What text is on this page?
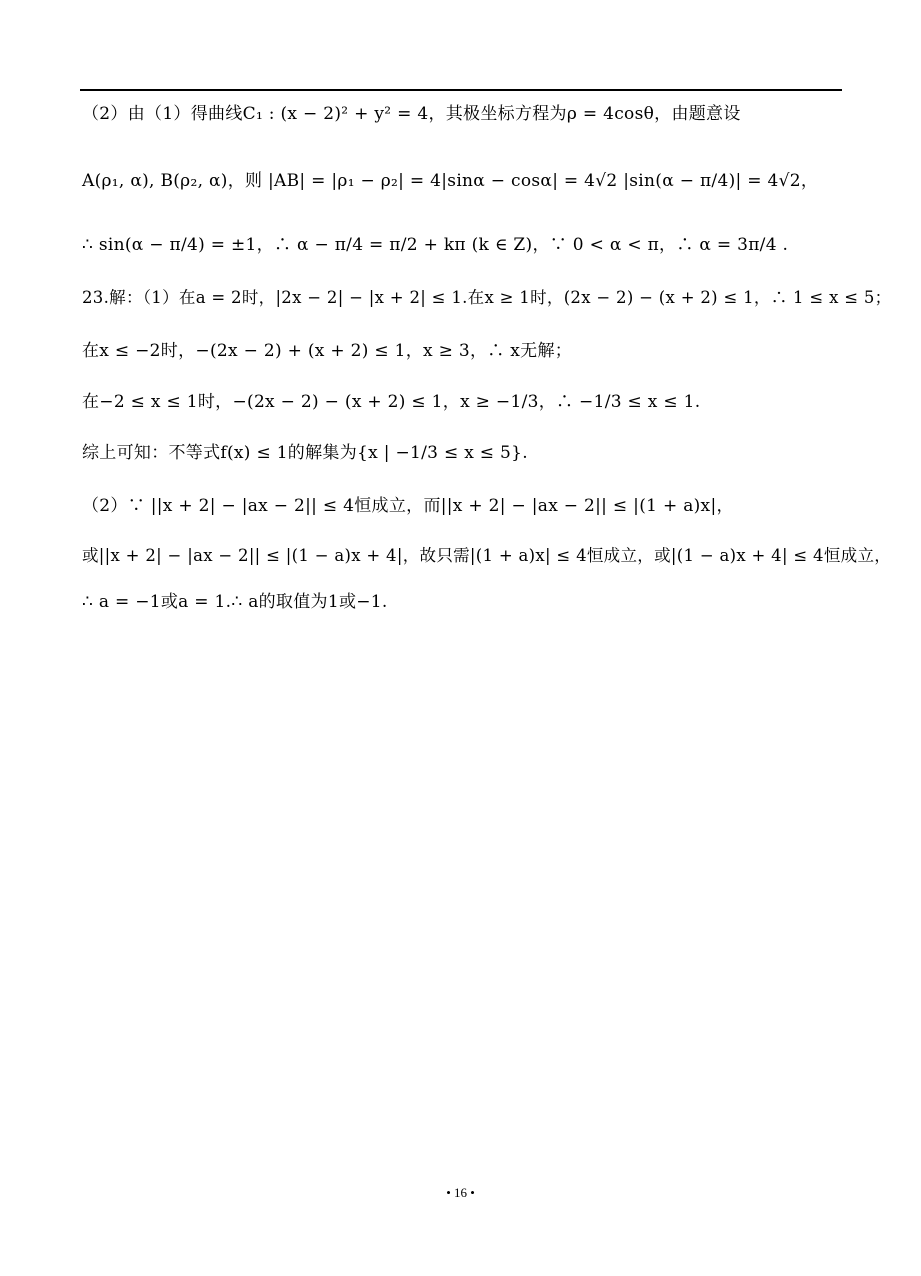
（2）由（1）得曲线C₁ : (x − 2)² + y² = 4，其极坐标方程为ρ = 4cosθ，由题意设
A(ρ₁, α), B(ρ₂, α)，则 |AB| = |ρ₁ − ρ₂| = 4|sinα − cosα| = 4√2 |sin(α − π/4)| = 4√2，
∴ sin(α − π/4) = ±1，∴ α − π/4 = π/2 + kπ (k ∈ Z)，∵ 0 < α < π，∴ α = 3π/4 .
23.解：（1）在a = 2时，|2x − 2| − |x + 2| ≤ 1.在x ≥ 1时，(2x − 2) − (x + 2) ≤ 1，∴ 1 ≤ x ≤ 5；
在x ≤ −2时，−(2x − 2) + (x + 2) ≤ 1，x ≥ 3，∴ x无解；
在−2 ≤ x ≤ 1时，−(2x − 2) − (x + 2) ≤ 1，x ≥ −1/3，∴ −1/3 ≤ x ≤ 1.
综上可知：不等式f(x) ≤ 1的解集为{x | −1/3 ≤ x ≤ 5}.
（2）∵ ||x + 2| − |ax − 2|| ≤ 4恒成立，而||x + 2| − |ax − 2|| ≤ |(1 + a)x|，
或||x + 2| − |ax − 2|| ≤ |(1 − a)x + 4|，故只需|(1 + a)x| ≤ 4恒成立，或|(1 − a)x + 4| ≤ 4恒成立，
∴ a = −1或a = 1.∴ a的取值为1或−1.
• 16 •
